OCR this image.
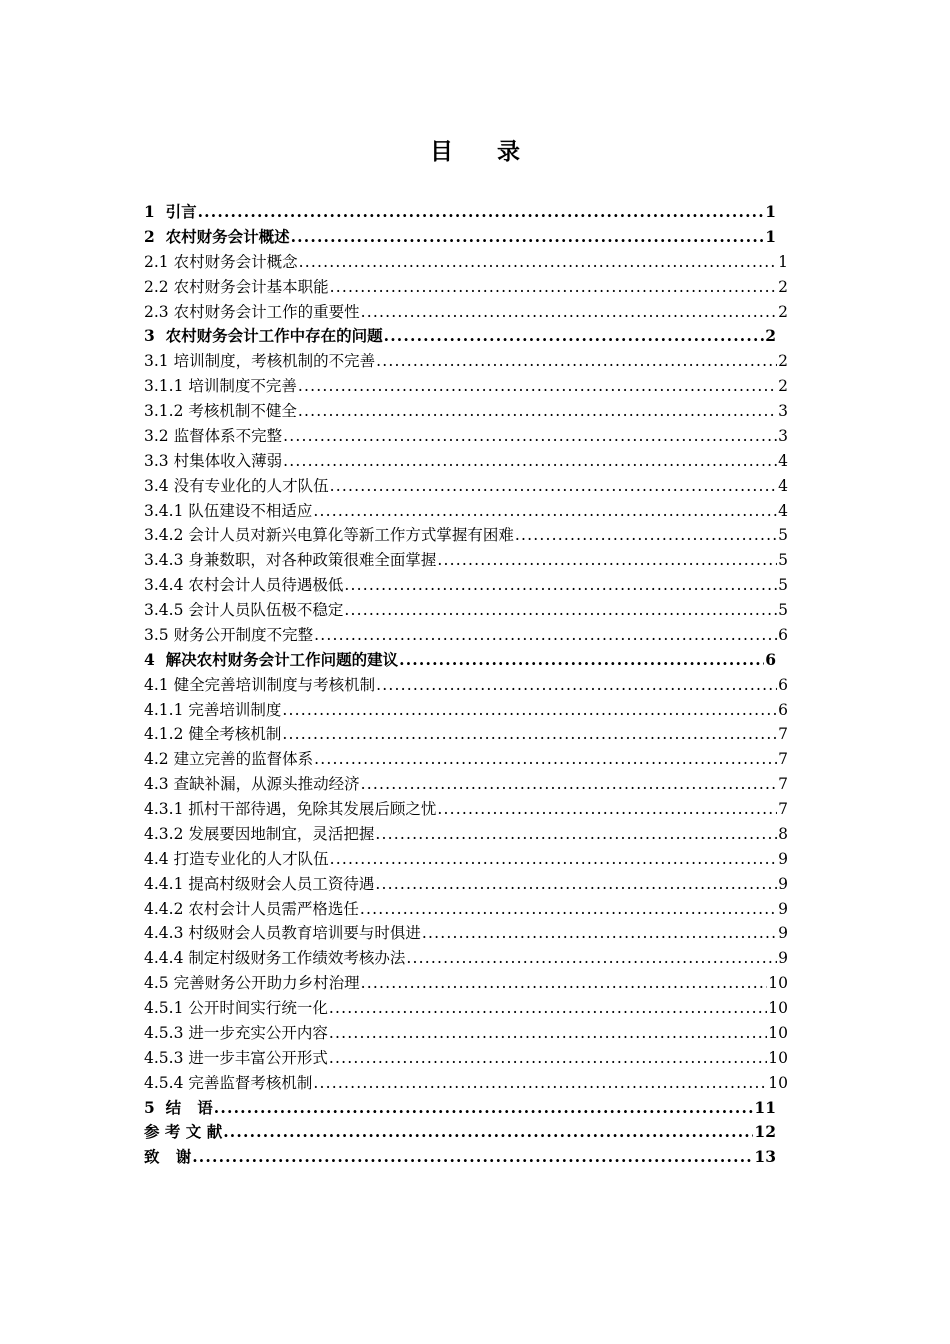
目录
1  引言 .....	1
2  农村财务会计概述 .....	1
2.1 农村财务会计概念 .....	1
2.2 农村财务会计基本职能 .....	2
2.3 农村财务会计工作的重要性 .....	2
3  农村财务会计工作中存在的问题 .....	2
3.1 培训制度，考核机制的不完善 .....	2
3.1.1 培训制度不完善 .....	2
3.1.2 考核机制不健全 .....	3
3.2 监督体系不完整 .....	3
3.3 村集体收入薄弱 .....	4
3.4 没有专业化的人才队伍 .....	4
3.4.1 队伍建设不相适应 .....	4
3.4.2 会计人员对新兴电算化等新工作方式掌握有困难 .....	5
3.4.3 身兼数职，对各种政策很难全面掌握 .....	5
3.4.4 农村会计人员待遇极低 .....	5
3.4.5 会计人员队伍极不稳定 .....	5
3.5 财务公开制度不完整 .....	6
4  解决农村财务会计工作问题的建议 .....	6
4.1 健全完善培训制度与考核机制 .....	6
4.1.1 完善培训制度 .....	6
4.1.2 健全考核机制 .....	7
4.2 建立完善的监督体系 .....	7
4.3 查缺补漏，从源头推动经济 .....	7
4.3.1 抓村干部待遇，免除其发展后顾之忧 .....	7
4.3.2 发展要因地制宜，灵活把握 .....	8
4.4 打造专业化的人才队伍 .....	9
4.4.1 提高村级财会人员工资待遇 .....	9
4.4.2 农村会计人员需严格选任 .....	9
4.4.3 村级财会人员教育培训要与时俱进 .....	9
4.4.4 制定村级财务工作绩效考核办法 .....	9
4.5 完善财务公开助力乡村治理 .....	10
4.5.1 公开时间实行统一化 .....	10
4.5.3 进一步充实公开内容 .....	10
4.5.3 进一步丰富公开形式 .....	10
4.5.4 完善监督考核机制 .....	10
5  结   语 .....	11
参 考 文 献 .....	12
致   谢 .....	13
